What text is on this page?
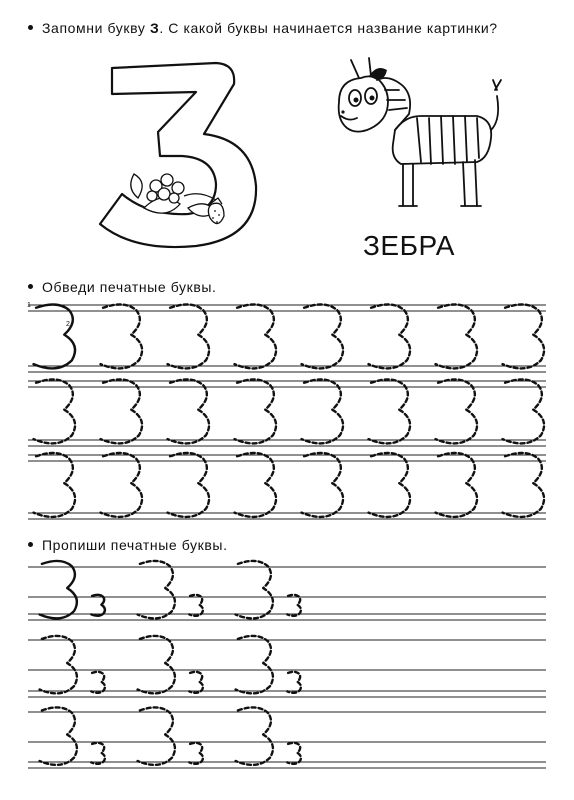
Запомни букву З. С какой буквы начинается название картинки?
ЗЕБРА
Обведи печатные буквы.
1
2
Пропиши печатные буквы.
